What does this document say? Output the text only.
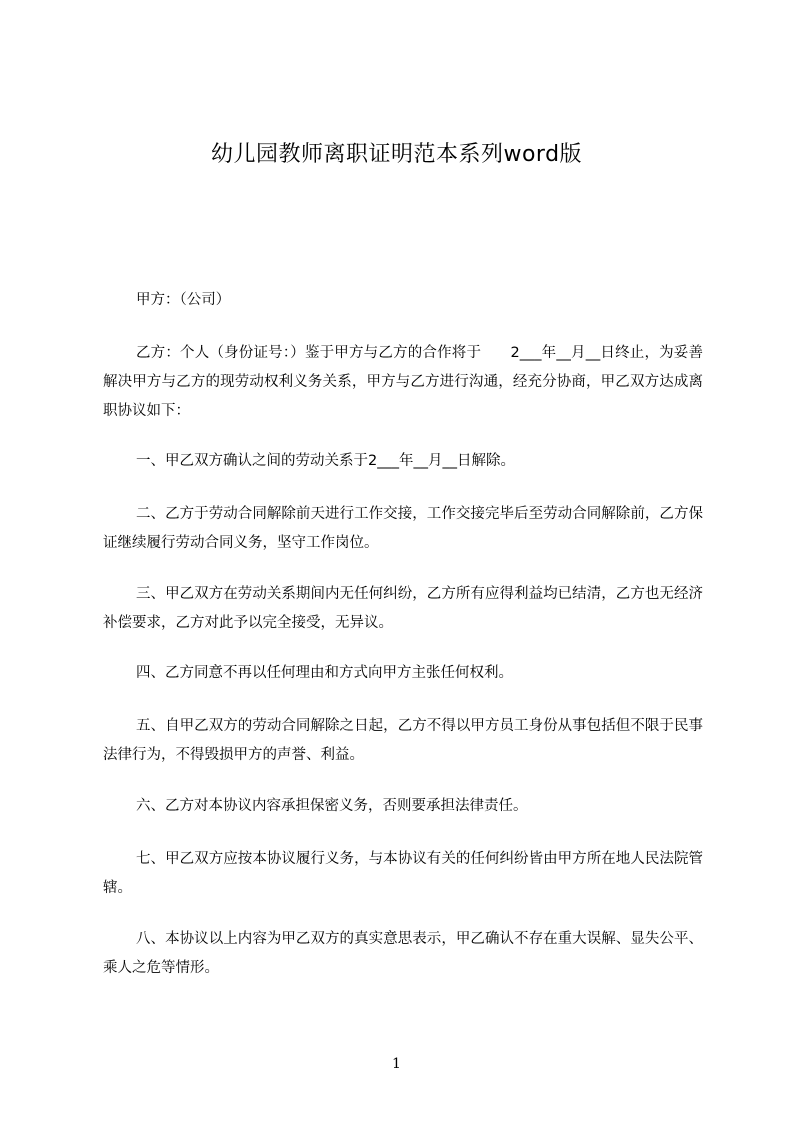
幼儿园教师离职证明范本系列word版
甲方：（公司）
乙方：个人（身份证号：）鉴于甲方与乙方的合作将于　　2___年__月__日终止，为妥善解决甲方与乙方的现劳动权利义务关系，甲方与乙方进行沟通，经充分协商，甲乙双方达成离职协议如下：
一、甲乙双方确认之间的劳动关系于2___年__月__日解除。
二、乙方于劳动合同解除前天进行工作交接，工作交接完毕后至劳动合同解除前，乙方保证继续履行劳动合同义务，坚守工作岗位。
三、甲乙双方在劳动关系期间内无任何纠纷，乙方所有应得利益均已结清，乙方也无经济补偿要求，乙方对此予以完全接受，无异议。
四、乙方同意不再以任何理由和方式向甲方主张任何权利。
五、自甲乙双方的劳动合同解除之日起，乙方不得以甲方员工身份从事包括但不限于民事法律行为，不得毁损甲方的声誉、利益。
六、乙方对本协议内容承担保密义务，否则要承担法律责任。
七、甲乙双方应按本协议履行义务，与本协议有关的任何纠纷皆由甲方所在地人民法院管辖。
八、本协议以上内容为甲乙双方的真实意思表示，甲乙确认不存在重大误解、显失公平、乘人之危等情形。
1
